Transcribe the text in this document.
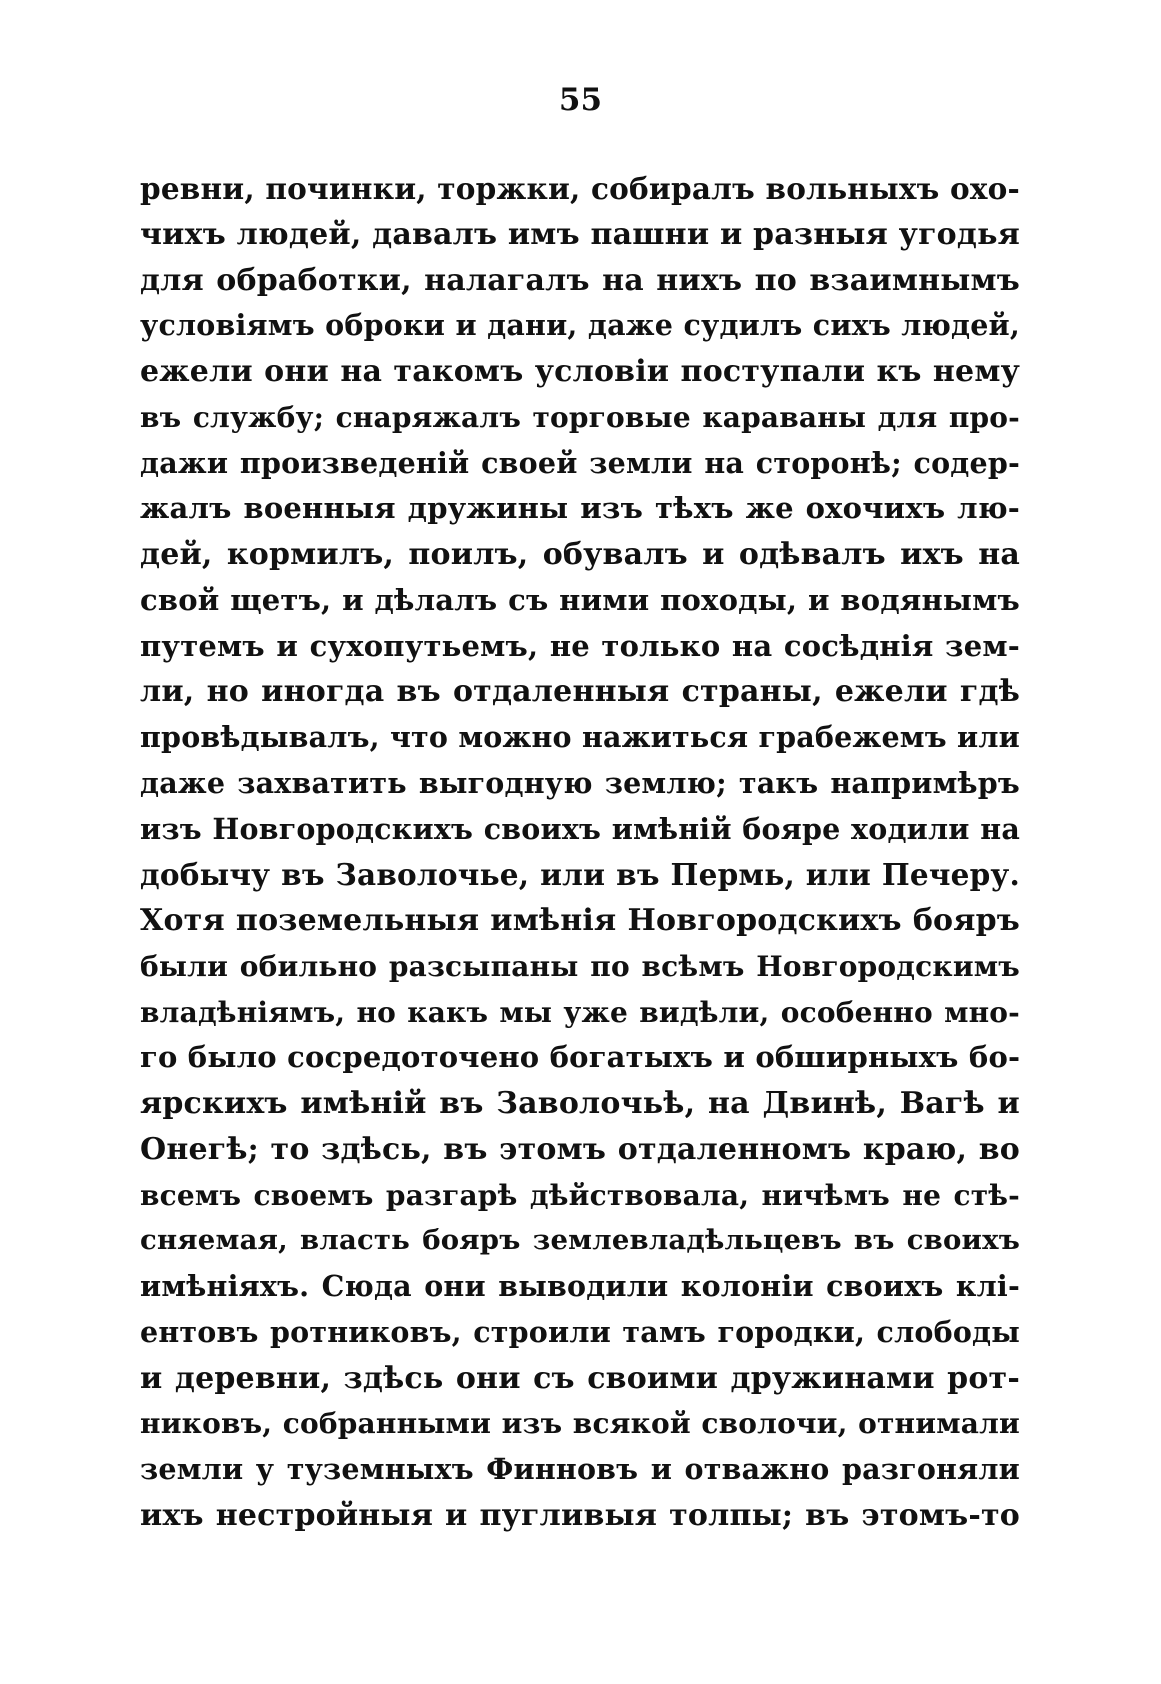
55
ревни, починки, торжки, собиралъ вольныхъ охо-
чихъ людей, давалъ имъ пашни и разныя угодья
для обработки, налагалъ на нихъ по взаимнымъ
условіямъ оброки и дани, даже судилъ сихъ людей,
ежели они на такомъ условіи поступали къ нему
въ службу; снаряжалъ торговые караваны для про-
дажи произведеній своей земли на сторонѣ; содер-
жалъ военныя дружины изъ тѣхъ же охочихъ лю-
дей, кормилъ, поилъ, обувалъ и одѣвалъ ихъ на
свой щетъ, и дѣлалъ съ ними походы, и водянымъ
путемъ и сухопутьемъ, не только на сосѣднія зем-
ли, но иногда въ отдаленныя страны, ежели гдѣ
провѣдывалъ, что можно нажиться грабежемъ или
даже захватить выгодную землю; такъ напримѣръ
изъ Новгородскихъ своихъ имѣній бояре ходили на
добычу въ Заволочье, или въ Пермь, или Печеру.
Хотя поземельныя имѣнія Новгородскихъ бояръ
были обильно разсыпаны по всѣмъ Новгородскимъ
владѣніямъ, но какъ мы уже видѣли, особенно мно-
го было сосредоточено богатыхъ и обширныхъ бо-
ярскихъ имѣній въ Заволочьѣ, на Двинѣ, Вагѣ и
Онегѣ; то здѣсь, въ этомъ отдаленномъ краю, во
всемъ своемъ разгарѣ дѣйствовала, ничѣмъ не стѣ-
сняемая, власть бояръ землевладѣльцевъ въ своихъ
имѣніяхъ. Сюда они выводили колоніи своихъ клі-
ентовъ ротниковъ, строили тамъ городки, слободы
и деревни, здѣсь они съ своими дружинами рот-
никовъ, собранными изъ всякой сволочи, отнимали
земли у туземныхъ Финновъ и отважно разгоняли
ихъ нестройныя и пугливыя толпы; въ этомъ-то
